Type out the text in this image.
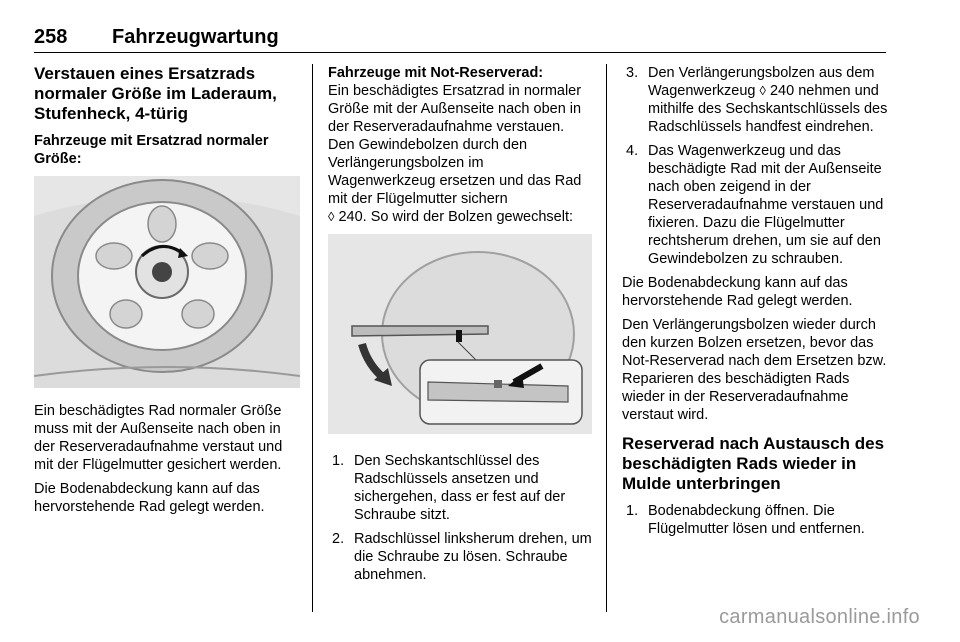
258 Fahrzeugwartung
Verstauen eines Ersatzrads normaler Größe im Laderaum, Stufenheck, 4-türig
Fahrzeuge mit Ersatzrad normaler Größe:

Ein beschädigtes Rad normaler Größe muss mit der Außenseite nach oben in der Reserveradaufnahme verstaut und mit der Flügelmutter gesichert werden.

Die Bodenabdeckung kann auf das hervorstehende Rad gelegt werden.

Fahrzeuge mit Not-Reserverad:
Ein beschädigtes Ersatzrad in normaler Größe mit der Außenseite nach oben in der Reserveradaufnahme verstauen. Den Gewindebolzen durch den Verlängerungsbolzen im Wagenwerkzeug ersetzen und das Rad mit der Flügelmutter sichern
◊ 240. So wird der Bolzen gewechselt:

1. Den Sechskantschlüssel des Radschlüssels ansetzen und sichergehen, dass er fest auf der Schraube sitzt.
2. Radschlüssel linksherum drehen, um die Schraube zu lösen. Schraube abnehmen.
3. Den Verlängerungsbolzen aus dem Wagenwerkzeug ◊ 240 nehmen und mithilfe des Sechskantschlüssels des Radschlüssels handfest eindrehen.
4. Das Wagenwerkzeug und das beschädigte Rad mit der Außenseite nach oben zeigend in der Reserveradaufnahme verstauen und fixieren. Dazu die Flügelmutter rechtsherum drehen, um sie auf den Gewindebolzen zu schrauben.

Die Bodenabdeckung kann auf das hervorstehende Rad gelegt werden.

Den Verlängerungsbolzen wieder durch den kurzen Bolzen ersetzen, bevor das Not-Reserverad nach dem Ersetzen bzw. Reparieren des beschädigten Rads wieder in der Reserveradaufnahme verstaut wird.

Reserverad nach Austausch des beschädigten Rads wieder in Mulde unterbringen
1. Bodenabdeckung öffnen. Die Flügelmutter lösen und entfernen.
carmanualsonline.info
